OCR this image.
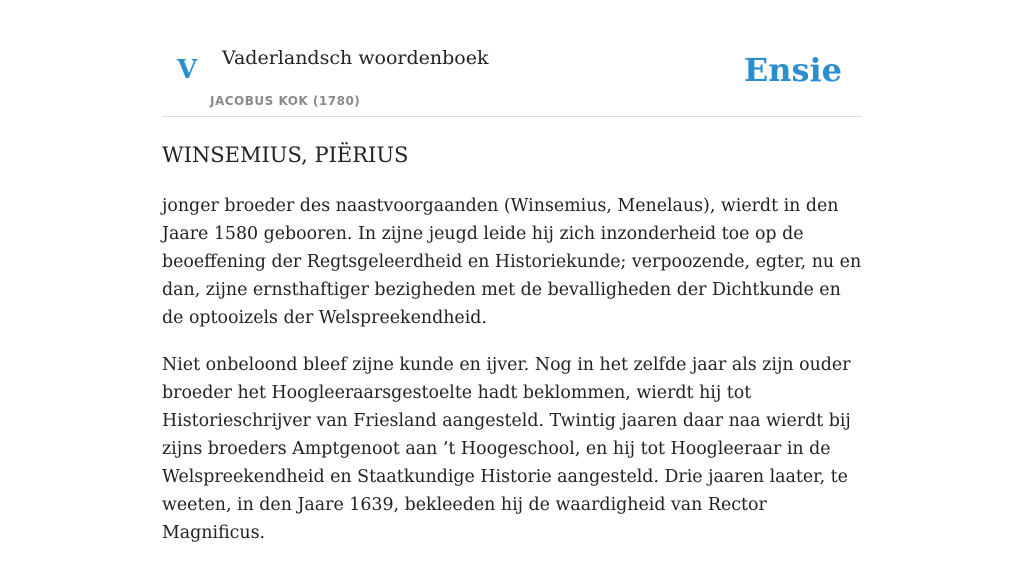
V Vaderlandsch woordenboek
JACOBUS KOK (1780)
Ensie
WINSEMIUS, PIËRIUS

jonger broeder des naastvoorgaanden (Winsemius, Menelaus), wierdt in den Jaare 1580 gebooren. In zijne jeugd leide hij zich inzonderheid toe op de beoeffening der Regtsgeleerdheid en Historiekunde; verpoozende, egter, nu en dan, zijne ernsthaftiger bezigheden met de bevalligheden der Dichtkunde en de optooizels der Welspreekendheid.

Niet onbeloond bleef zijne kunde en ijver. Nog in het zelfde jaar als zijn ouder broeder het Hoogleeraarsgestoelte hadt beklommen, wierdt hij tot Historieschrijver van Friesland aangesteld. Twintig jaaren daar naa wierdt bij zijns broeders Amptgenoot aan ’t Hoogeschool, en hij tot Hoogleeraar in de Welspreekendheid en Staatkundige Historie aangesteld. Drie jaaren laater, te weeten, in den Jaare 1639, bekleeden hij de waardigheid van Rector Magnificus.
